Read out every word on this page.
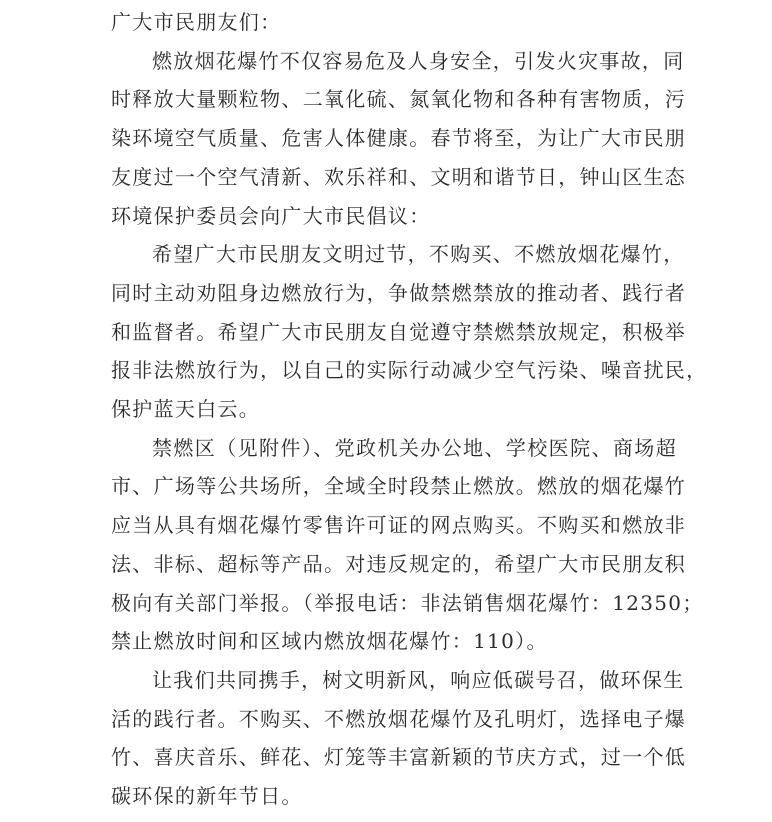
广大市民朋友们：
燃放烟花爆竹不仅容易危及人身安全，引发火灾事故，同
时释放大量颗粒物、二氧化硫、氮氧化物和各种有害物质，污
染环境空气质量、危害人体健康。春节将至，为让广大市民朋
友度过一个空气清新、欢乐祥和、文明和谐节日，钟山区生态
环境保护委员会向广大市民倡议：
希望广大市民朋友文明过节，不购买、不燃放烟花爆竹，
同时主动劝阻身边燃放行为，争做禁燃禁放的推动者、践行者
和监督者。希望广大市民朋友自觉遵守禁燃禁放规定，积极举
报非法燃放行为，以自己的实际行动减少空气污染、噪音扰民，
保护蓝天白云。
禁燃区（见附件）、党政机关办公地、学校医院、商场超
市、广场等公共场所，全域全时段禁止燃放。燃放的烟花爆竹
应当从具有烟花爆竹零售许可证的网点购买。不购买和燃放非
法、非标、超标等产品。对违反规定的，希望广大市民朋友积
极向有关部门举报。（举报电话：非法销售烟花爆竹：12350；
禁止燃放时间和区域内燃放烟花爆竹：110）。
让我们共同携手，树文明新风，响应低碳号召，做环保生
活的践行者。不购买、不燃放烟花爆竹及孔明灯，选择电子爆
竹、喜庆音乐、鲜花、灯笼等丰富新颖的节庆方式，过一个低
碳环保的新年节日。
